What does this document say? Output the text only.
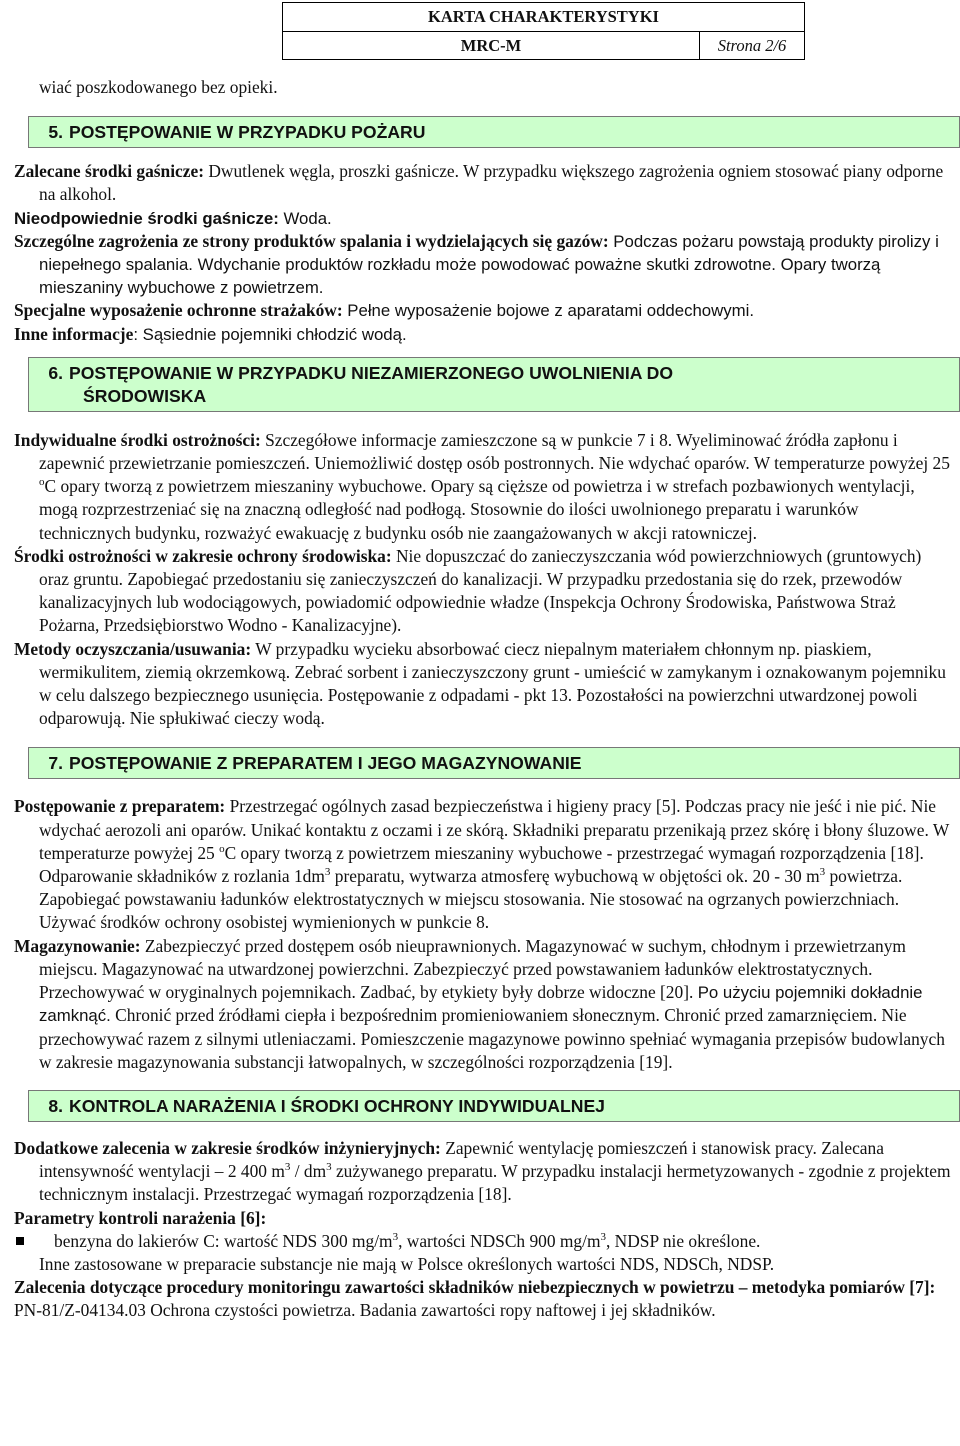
KARTA CHARAKTERYSTYKI
MRC-M	Strona 2/6

wiać poszkodowanego bez opieki.

5. POSTĘPOWANIE W PRZYPADKU POŻARU

Zalecane środki gaśnicze: Dwutlenek węgla, proszki gaśnicze. W przypadku większego zagrożenia ogniem stosować piany odporne na alkohol.

Nieodpowiednie środki gaśnicze: Woda.

Szczególne zagrożenia ze strony produktów spalania i wydzielających się gazów: Podczas pożaru powstają produkty pirolizy i niepełnego spalania. Wdychanie produktów rozkładu może powodować poważne skutki zdrowotne. Opary tworzą mieszaniny wybuchowe z powietrzem.

Specjalne wyposażenie ochronne strażaków: Pełne wyposażenie bojowe z aparatami oddechowymi.

Inne informacje: Sąsiednie pojemniki chłodzić wodą.

6. POSTĘPOWANIE W PRZYPADKU NIEZAMIERZONEGO UWOLNIENIA DO
ŚRODOWISKA

Indywidualne środki ostrożności: Szczegółowe informacje zamieszczone są w punkcie 7 i 8. Wyeliminować źródła zapłonu i zapewnić przewietrzanie pomieszczeń. Uniemożliwić dostęp osób postronnych. Nie wdychać oparów. W temperaturze powyżej 25 $^o$C opary tworzą z powietrzem mieszaniny wybuchowe. Opary są cięższe od powietrza i w strefach pozbawionych wentylacji, mogą rozprzestrzeniać się na znaczną odległość nad podłogą. Stosownie do ilości uwolnionego preparatu i warunków technicznych budynku, rozważyć ewakuację z budynku osób nie zaangażowanych w akcji ratowniczej.

Środki ostrożności w zakresie ochrony środowiska: Nie dopuszczać do zanieczyszczania wód powierzchniowych (gruntowych) oraz gruntu. Zapobiegać przedostaniu się zanieczyszczeń do kanalizacji. W przypadku przedostania się do rzek, przewodów kanalizacyjnych lub wodociągowych, powiadomić odpowiednie władze (Inspekcja Ochrony Środowiska, Państwowa Straż Pożarna, Przedsiębiorstwo Wodno - Kanalizacyjne).

Metody oczyszczania/usuwania: W przypadku wycieku absorbować ciecz niepalnym materiałem chłonnym np. piaskiem, wermikulitem, ziemią okrzemkową. Zebrać sorbent i zanieczyszczony grunt - umieścić w zamykanym i oznakowanym pojemniku w celu dalszego bezpiecznego usunięcia. Postępowanie z odpadami - pkt 13. Pozostałości na powierzchni utwardzonej powoli odparowują. Nie spłukiwać cieczy wodą.

7. POSTĘPOWANIE Z PREPARATEM I JEGO MAGAZYNOWANIE

Postępowanie z preparatem: Przestrzegać ogólnych zasad bezpieczeństwa i higieny pracy [5]. Podczas pracy nie jeść i nie pić. Nie wdychać aerozoli ani oparów. Unikać kontaktu z oczami i ze skórą. Składniki preparatu przenikają przez skórę i błony śluzowe. W temperaturze powyżej 25 $^o$C opary tworzą z powietrzem mieszaniny wybuchowe - przestrzegać wymagań rozporządzenia [18]. Odparowanie składników z rozlania $1dm^3$ preparatu, wytwarza atmosferę wybuchową w objętości ok. 20 - 30 $m^3$ powietrza. Zapobiegać powstawaniu ładunków elektrostatycznych w miejscu stosowania. Nie stosować na ogrzanych powierzchniach. Używać środków ochrony osobistej wymienionych w punkcie 8.

Magazynowanie: Zabezpieczyć przed dostępem osób nieuprawnionych. Magazynować w suchym, chłodnym i przewietrzanym miejscu. Magazynować na utwardzonej powierzchni. Zabezpieczyć przed powstawaniem ładunków elektrostatycznych. Przechowywać w oryginalnych pojemnikach. Zadbać, by etykiety były dobrze widoczne [20]. Po użyciu pojemniki dokładnie zamknąć. Chronić przed źródłami ciepła i bezpośrednim promieniowaniem słonecznym. Chronić przed zamarznięciem. Nie przechowywać razem z silnymi utleniaczami. Pomieszczenie magazynowe powinno spełniać wymagania przepisów budowlanych w zakresie magazynowania substancji łatwopalnych, w szczególności rozporządzenia [19].

8. KONTROLA NARAŻENIA I ŚRODKI OCHRONY INDYWIDUALNEJ

Dodatkowe zalecenia w zakresie środków inżynieryjnych: Zapewnić wentylację pomieszczeń i stanowisk pracy. Zalecana intensywność wentylacji – 2 400 $m^3 / dm^3$ zużywanego preparatu. W przypadku instalacji hermetyzowanych - zgodnie z projektem technicznym instalacji. Przestrzegać wymagań rozporządzenia [18].

Parametry kontroli narażenia [6]:

benzyna do lakierów C: wartość NDS 300 $mg/m^3$, wartości NDSCh 900 $mg/m^3$, NDSP nie określone.

Inne zastosowane w preparacie substancje nie mają w Polsce określonych wartości NDS, NDSCh, NDSP.

Zalecenia dotyczące procedury monitoringu zawartości składników niebezpiecznych w powietrzu – metodyka pomiarów [7]:

PN-81/Z-04134.03 Ochrona czystości powietrza. Badania zawartości ropy naftowej i jej składników.
